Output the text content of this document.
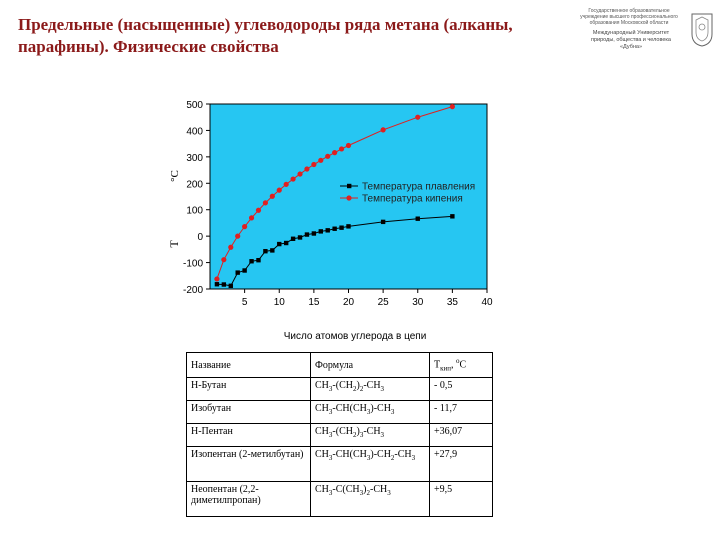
Предельные (насыщенные) углеводороды ряда метана (алканы, парафины). Физические свойства
Государственное образовательное учреждение высшего профессионального образования Московской области
Международный Университет природы, общества и человека «Дубна»
-200
-100
0
100
200
300
400
500
5	10 15 20 25 30 35 40
Температура плавления
Температура кипения
°C
Т
Число атомов углерода в цепи
Название	Формула	$Т_{кип}$, $^о$С
Н-Бутан	$CH_3-(CH_2)_2-CH_3$	- 0,5
Изобутан	$CH_3-CH(CH_3)-CH_3$	- 11,7
Н-Пентан	$CH_3-(CH_2)_3-CH_3$	+36,07
Изопентан (2-метилбутан)	$CH_3-CH(CH_3)-CH_2-CH_3$	+27,9
Неопентан (2,2-диметилпропан)	$CH_3-C(CH_3)_2-CH_3$	+9,5
